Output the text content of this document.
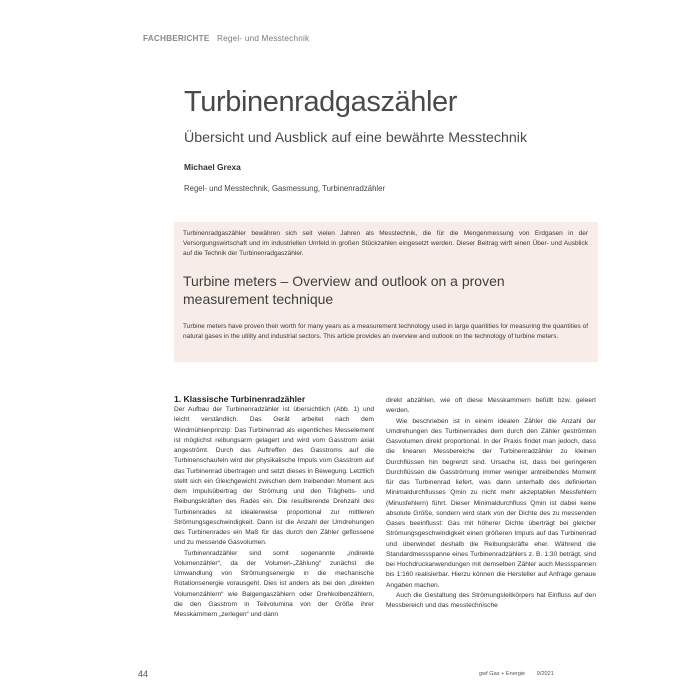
FACHBERICHTE Regel- und Messtechnik
Turbinenradgaszähler
Übersicht und Ausblick auf eine bewährte Messtechnik
Michael Grexa
Regel- und Messtechnik, Gasmessung, Turbinenradzähler

Turbinenradgaszähler bewähren sich seit vielen Jahren als Messtechnik, die für die Mengenmessung von Erdgasen in der Versorgungswirtschaft und im industriellen Umfeld in großen Stückzahlen eingesetzt werden. Dieser Beitrag wirft einen Über- und Ausblick auf die Technik der Turbinenradgaszähler.

Turbine meters – Overview and outlook on a proven measurement technique

Turbine meters have proven their worth for many years as a measurement technology used in large quantities for measuring the quantities of natural gases in the utility and industrial sectors. This article provides an overview and outlook on the technology of turbine meters.

1. Klassische Turbinenradzähler

Der Aufbau der Turbinenradzähler ist übersichtlich (Abb. 1) und leicht verständlich. Das Gerät arbeitet nach dem Windmühlenprinzip: Das Turbinenrad als eigentliches Messelement ist möglichst reibungsarm gelagert und wird vom Gasstrom axial angeströmt. Durch das Auftreffen des Gasstroms auf die Turbinenschaufeln wird der physikalische Impuls vom Gasstrom auf das Turbinenrad übertragen und setzt dieses in Bewegung. Letztlich stellt sich ein Gleichgewicht zwischen dem treibenden Moment aus dem Impulsübertrag der Strömung und den Trägheits- und Reibungskräften des Rades ein. Die resultierende Drehzahl des Turbinenrades ist idealerweise proportional zur mittleren Strömungsgeschwindigkeit. Dann ist die Anzahl der Umdrehungen des Turbinenrades ein Maß für das durch den Zähler geflossene und zu messende Gasvolumen.

Turbinenradzähler sind somit sogenannte „indirekte Volumenzähler“, da der Volumen-„Zählung“ zunächst die Umwandlung von Strömungsenergie in die mechanische Rotationsenergie vorausgeht. Dies ist anders als bei den „direkten Volumenzählern“ wie Balgengaszählern oder Drehkolbenzählern, die den Gasstrom in Teilvolumina von der Größe ihrer Messkammern „zerlegen“ und dann

direkt abzählen, wie oft diese Messkammern befüllt bzw. geleert werden.

Wie beschrieben ist in einem idealen Zähler die Anzahl der Umdrehungen des Turbinenrades dem durch den Zähler geströmten Gasvolumen direkt proportional. In der Praxis findet man jedoch, dass die linearen Messbereiche der Turbinenradzähler zu kleinen Durchflüssen hin begrenzt sind. Ursache ist, dass bei geringeren Durchflüssen die Gasströmung immer weniger antreibendes Moment für das Turbinenrad liefert, was dann unterhalb des definierten Minimaldurchflusses Qmin zu nicht mehr akzeptablen Messfehlern (Minusfehlern) führt. Dieser Minimaldurchfluss Qmin ist dabei keine absolute Größe, sondern wird stark von der Dichte des zu messenden Gases beeinflusst: Gas mit höherer Dichte überträgt bei gleicher Strömungsgeschwindigkeit einen größeren Impuls auf das Turbinenrad und überwindet deshalb die Reibungskräfte eher. Während die Standardmessspanne eines Turbinenradzählers z. B. 1:30 beträgt, sind bei Hochdruckanwendungen mit demselben Zähler auch Messspannen bis 1:160 realisierbar. Hierzu können die Hersteller auf Anfrage genaue Angaben machen.

Auch die Gestaltung des Strömungsleitkörpers hat Einfluss auf den Messbereich und das messtechnische

44	gwf Gas + Energie 9/2021
